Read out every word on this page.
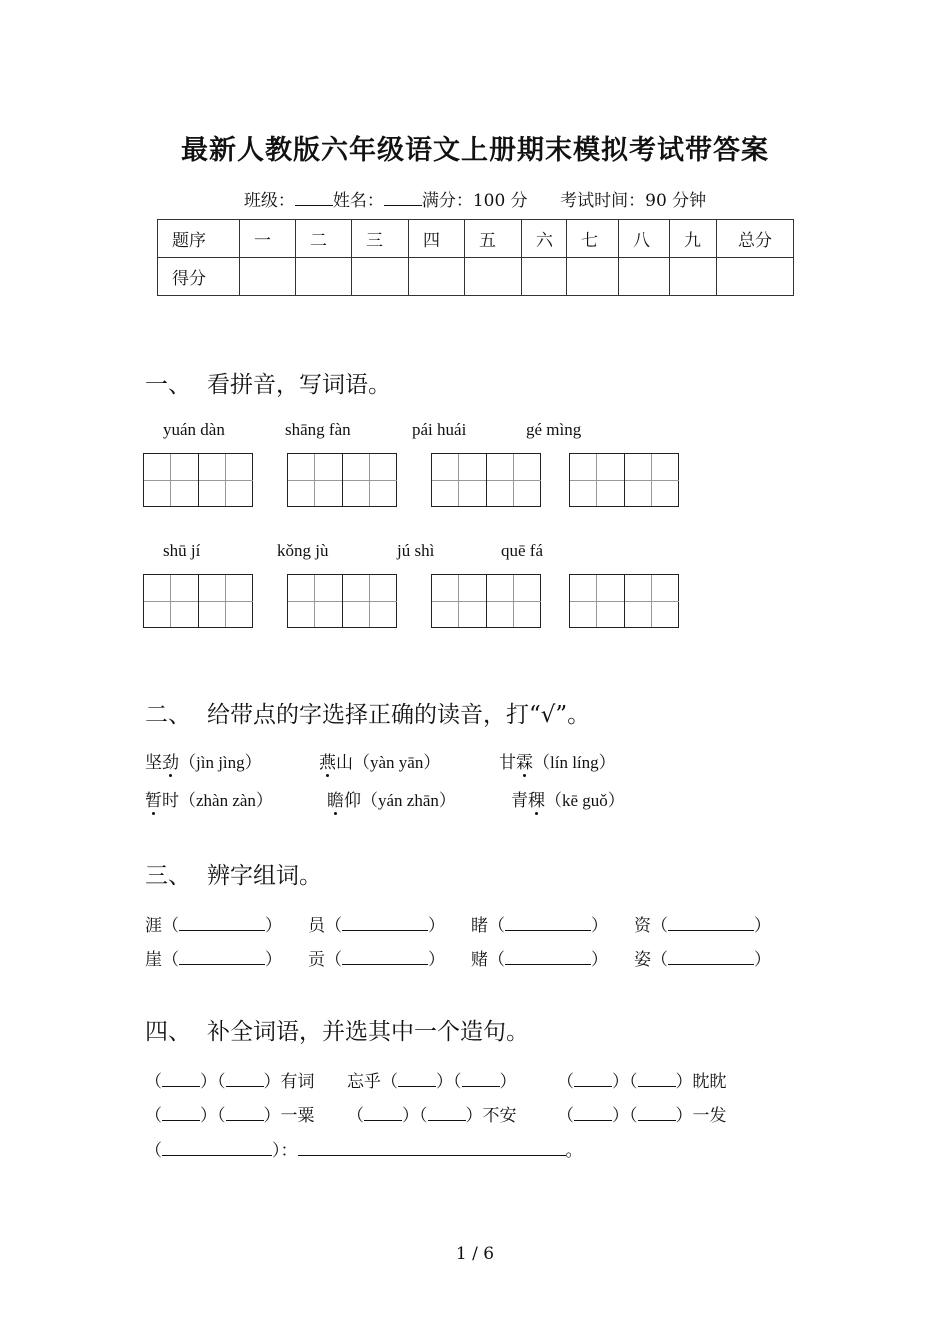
最新人教版六年级语文上册期末模拟考试带答案
班级： 姓名： 满分：100 分 考试时间：90 分钟
题序	一	二	三	四	五	六	七	八	九	总分
得分										
一、 看拼音，写词语。
yuán dàn	shāng fàn	pái huái	gé mìng
shū jí	kǒng jù	jú shì	quē fá
二、 给带点的字选择正确的读音，打“√”。
坚劲（jìn jìng）	燕山（yàn yān）	甘霖（lín líng）
暂时（zhàn zàn）	瞻仰（yán zhān）	青稞（kē guǒ）
三、 辨字组词。
涯（	） 员（	） 睹（	） 资（	）
崖（	） 贡（	） 赌（	） 姿（	）
四、 补全词语，并选其中一个造句。
（ ）（ ）有词 忘乎（ ）（ ） （ ）（ ）眈眈
（ ）（ ）一粟 （ ）（ ）不安 （ ）（ ）一发
（	）：	。
1 / 6
